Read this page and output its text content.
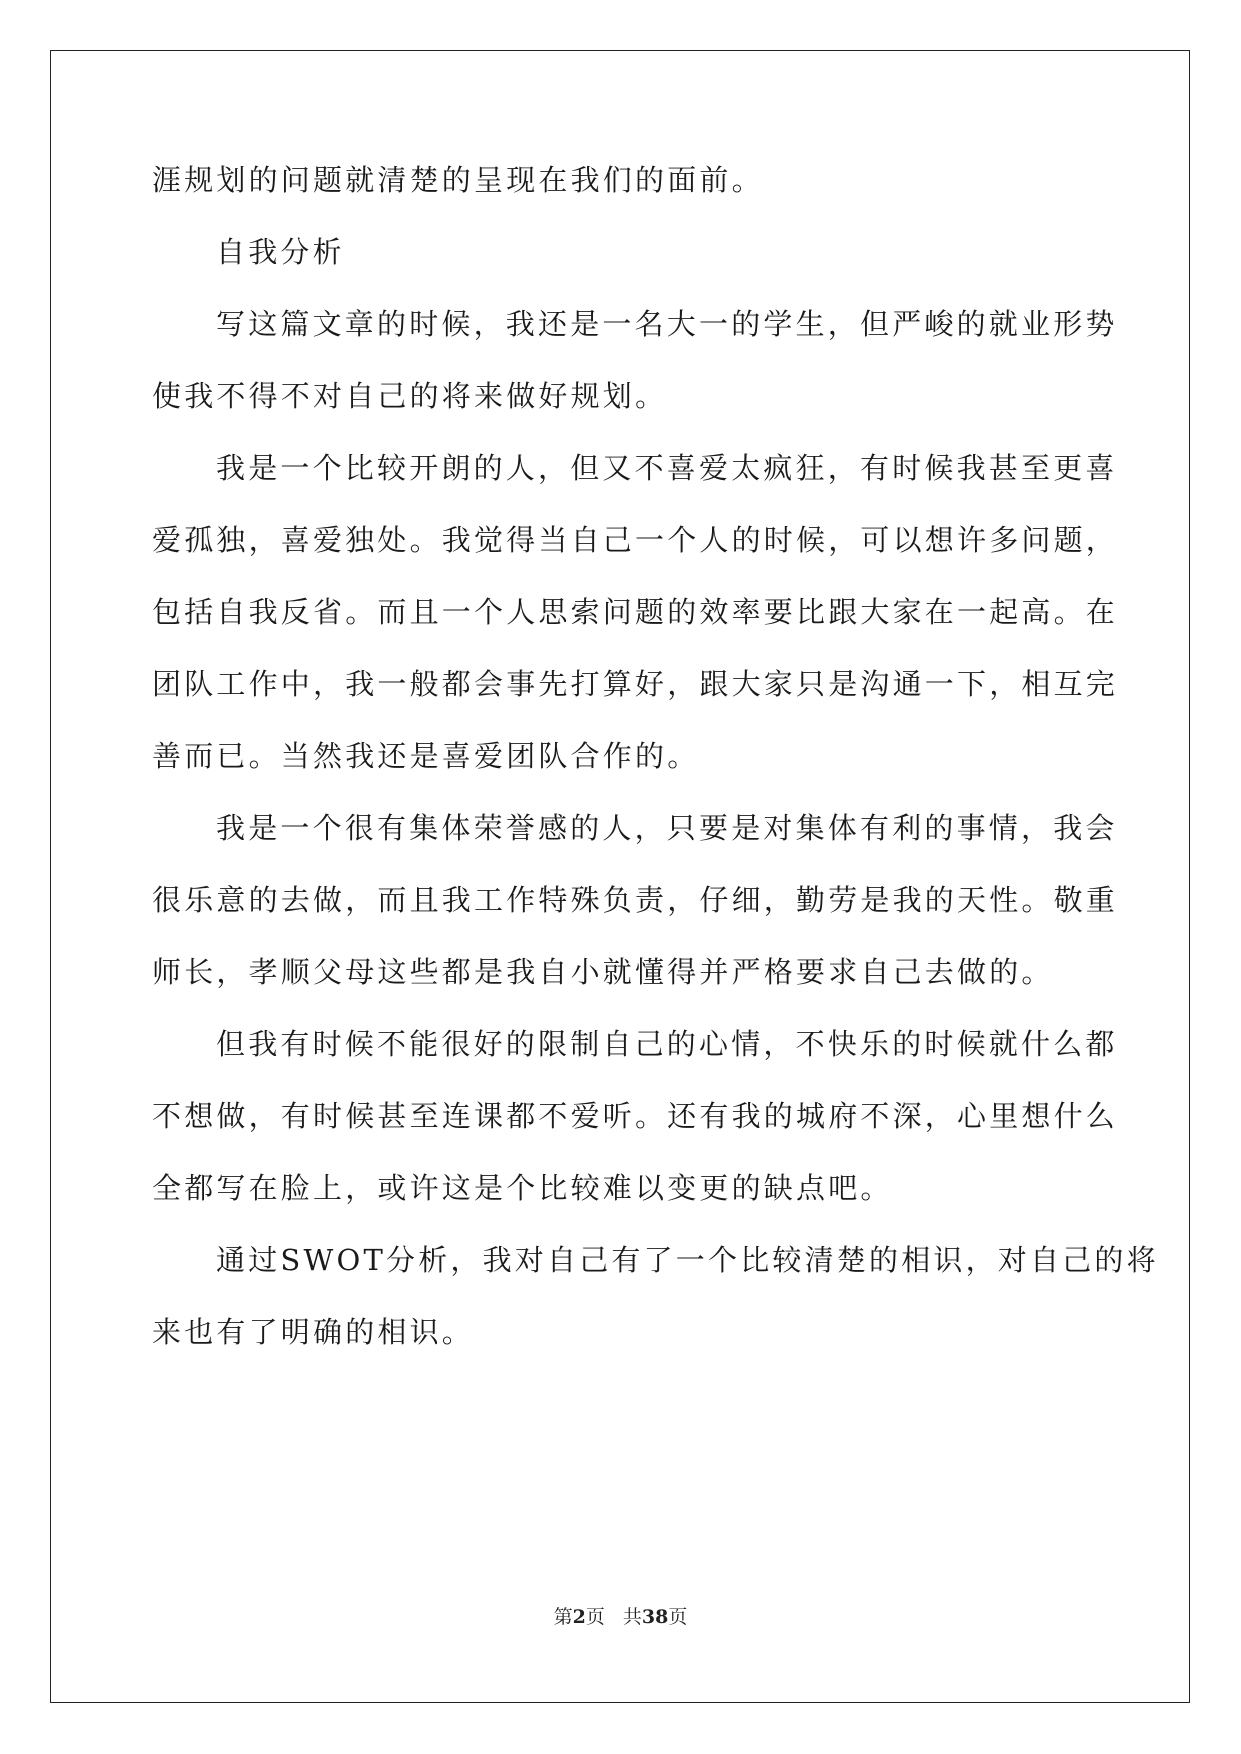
涯规划的问题就清楚的呈现在我们的面前。
自我分析
写这篇文章的时候，我还是一名大一的学生，但严峻的就业形势
使我不得不对自己的将来做好规划。
我是一个比较开朗的人，但又不喜爱太疯狂，有时候我甚至更喜
爱孤独，喜爱独处。我觉得当自己一个人的时候，可以想许多问题，
包括自我反省。而且一个人思索问题的效率要比跟大家在一起高。在
团队工作中，我一般都会事先打算好，跟大家只是沟通一下，相互完
善而已。当然我还是喜爱团队合作的。
我是一个很有集体荣誉感的人，只要是对集体有利的事情，我会
很乐意的去做，而且我工作特殊负责，仔细，勤劳是我的天性。敬重
师长，孝顺父母这些都是我自小就懂得并严格要求自己去做的。
但我有时候不能很好的限制自己的心情，不快乐的时候就什么都
不想做，有时候甚至连课都不爱听。还有我的城府不深，心里想什么
全都写在脸上，或许这是个比较难以变更的缺点吧。
通过SWOT分析，我对自己有了一个比较清楚的相识，对自己的将
来也有了明确的相识。
第2页 共38页
